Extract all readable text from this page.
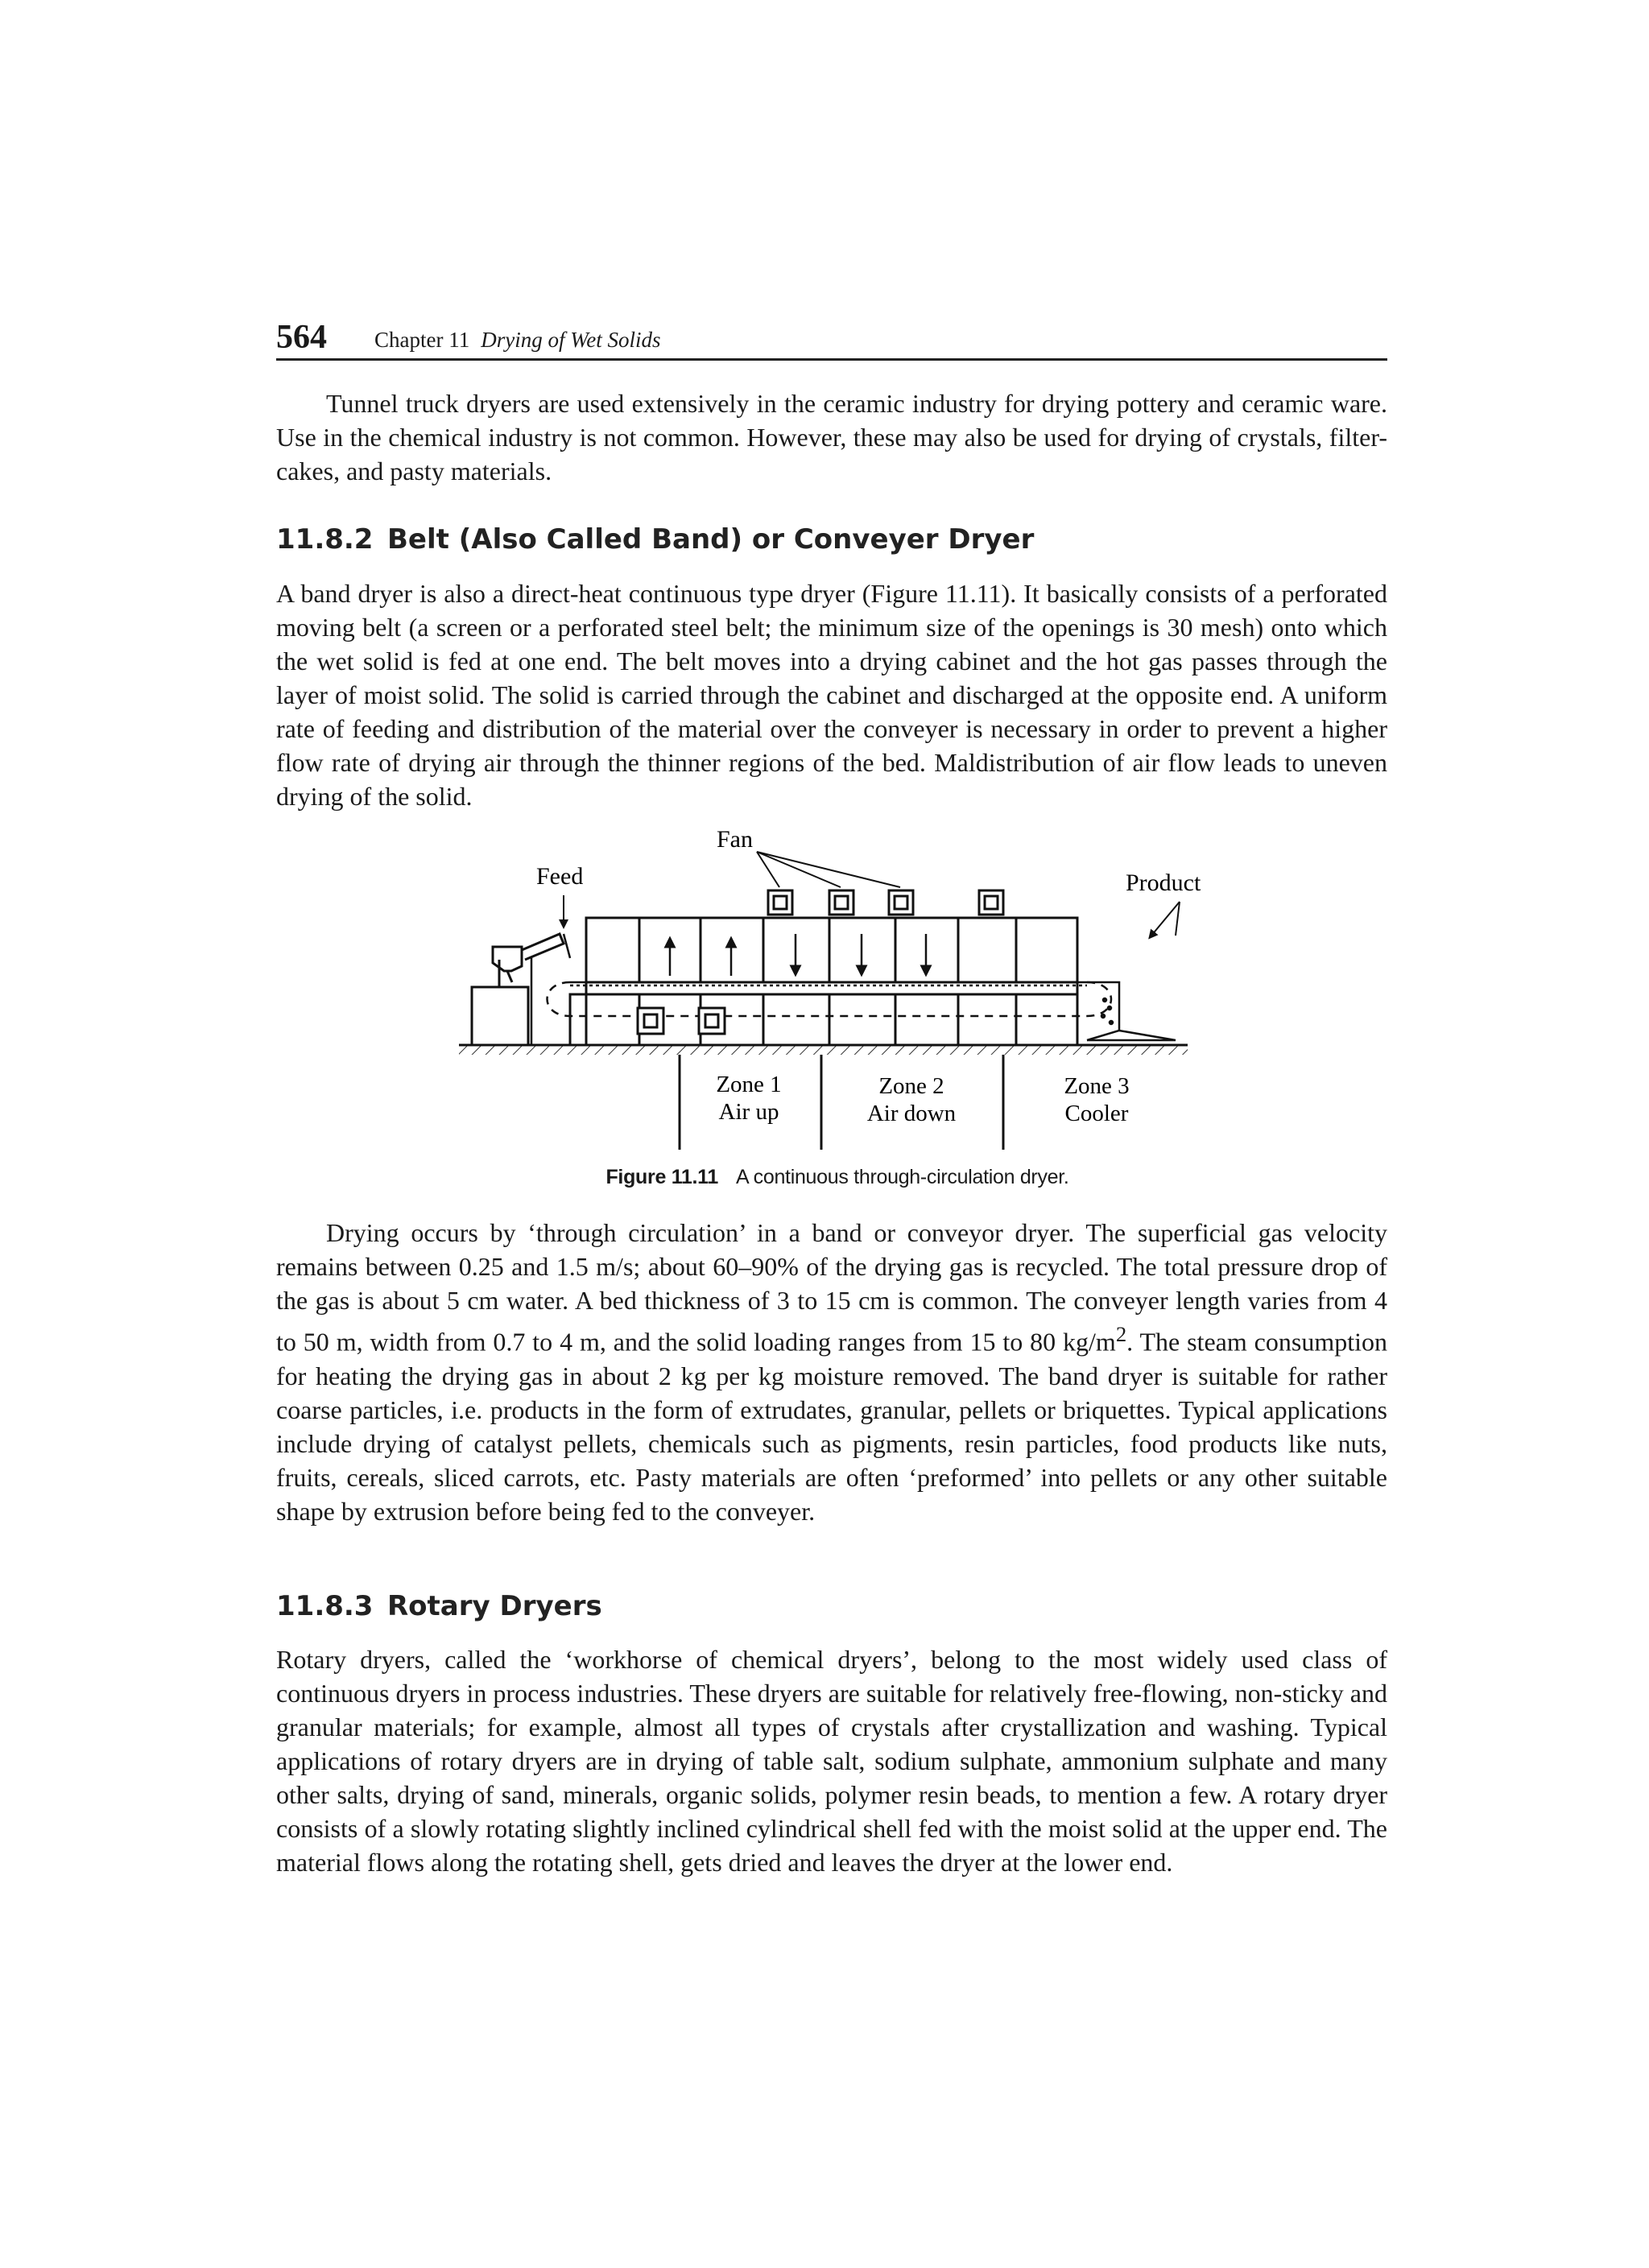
564 Chapter 11 Drying of Wet Solids

Tunnel truck dryers are used extensively in the ceramic industry for drying pottery and ceramic ware. Use in the chemical industry is not common. However, these may also be used for drying of crystals, filter-cakes, and pasty materials.

11.8.2 Belt (Also Called Band) or Conveyer Dryer

A band dryer is also a direct-heat continuous type dryer (Figure 11.11). It basically consists of a perforated moving belt (a screen or a perforated steel belt; the minimum size of the openings is 30 mesh) onto which the wet solid is fed at one end. The belt moves into a drying cabinet and the hot gas passes through the layer of moist solid. The solid is carried through the cabinet and discharged at the opposite end. A uniform rate of feeding and distribution of the material over the conveyer is necessary in order to prevent a higher flow rate of drying air through the thinner regions of the bed. Maldistribution of air flow leads to uneven drying of the solid.

Fan
Feed	Product
Zone 1
Air up
Zone 2
Air down
Zone 3
Cooler
Figure 11.11 A continuous through-circulation dryer.

Drying occurs by ‘through circulation’ in a band or conveyor dryer. The superficial gas velocity remains between 0.25 and 1.5 m/s; about 60–90% of the drying gas is recycled. The total pressure drop of the gas is about 5 cm water. A bed thickness of 3 to 15 cm is common. The conveyer length varies from 4 to 50 m, width from 0.7 to 4 m, and the solid loading ranges from 15 to 80 $kg/m^2$. The steam consumption for heating the drying gas in about 2 kg per kg moisture removed. The band dryer is suitable for rather coarse particles, i.e. products in the form of extrudates, granular, pellets or briquettes. Typical applications include drying of catalyst pellets, chemicals such as pigments, resin particles, food products like nuts, fruits, cereals, sliced carrots, etc. Pasty materials are often ‘preformed’ into pellets or any other suitable shape by extrusion before being fed to the conveyer.

11.8.3 Rotary Dryers

Rotary dryers, called the ‘workhorse of chemical dryers’, belong to the most widely used class of continuous dryers in process industries. These dryers are suitable for relatively free-flowing, non-sticky and granular materials; for example, almost all types of crystals after crystallization and washing. Typical applications of rotary dryers are in drying of table salt, sodium sulphate, ammonium sulphate and many other salts, drying of sand, minerals, organic solids, polymer resin beads, to mention a few. A rotary dryer consists of a slowly rotating slightly inclined cylindrical shell fed with the moist solid at the upper end. The material flows along the rotating shell, gets dried and leaves the dryer at the lower end.
